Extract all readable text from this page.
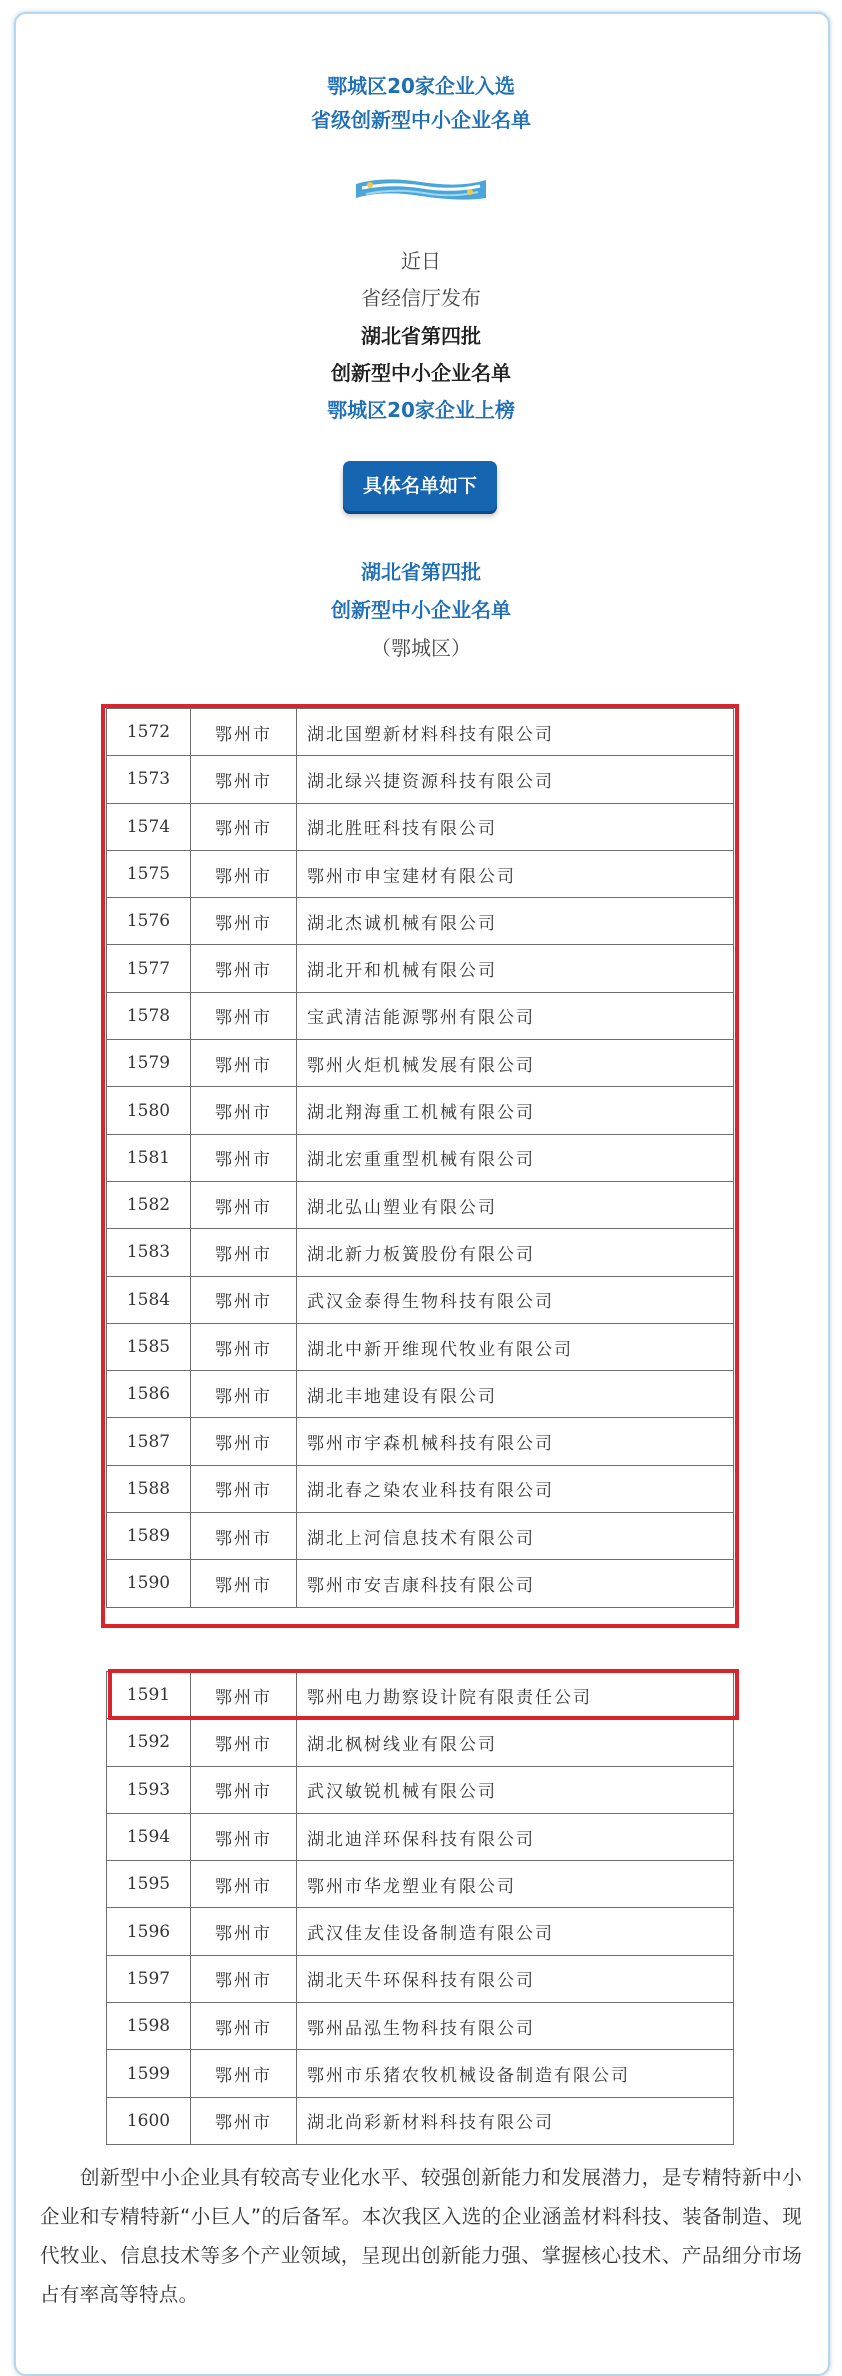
鄂城区20家企业入选
省级创新型中小企业名单
近日
省经信厅发布
湖北省第四批
创新型中小企业名单
鄂城区20家企业上榜
具体名单如下
湖北省第四批
创新型中小企业名单
（鄂城区）
1572	鄂州市	湖北国塑新材料科技有限公司
1573	鄂州市	湖北绿兴捷资源科技有限公司
1574	鄂州市	湖北胜旺科技有限公司
1575	鄂州市	鄂州市申宝建材有限公司
1576	鄂州市	湖北杰诚机械有限公司
1577	鄂州市	湖北开和机械有限公司
1578	鄂州市	宝武清洁能源鄂州有限公司
1579	鄂州市	鄂州火炬机械发展有限公司
1580	鄂州市	湖北翔海重工机械有限公司
1581	鄂州市	湖北宏重重型机械有限公司
1582	鄂州市	湖北弘山塑业有限公司
1583	鄂州市	湖北新力板簧股份有限公司
1584	鄂州市	武汉金泰得生物科技有限公司
1585	鄂州市	湖北中新开维现代牧业有限公司
1586	鄂州市	湖北丰地建设有限公司
1587	鄂州市	鄂州市宇森机械科技有限公司
1588	鄂州市	湖北春之染农业科技有限公司
1589	鄂州市	湖北上河信息技术有限公司
1590	鄂州市	鄂州市安吉康科技有限公司
1591	鄂州市	鄂州电力勘察设计院有限责任公司
1592	鄂州市	湖北枫树线业有限公司
1593	鄂州市	武汉敏锐机械有限公司
1594	鄂州市	湖北迪洋环保科技有限公司
1595	鄂州市	鄂州市华龙塑业有限公司
1596	鄂州市	武汉佳友佳设备制造有限公司
1597	鄂州市	湖北天牛环保科技有限公司
1598	鄂州市	鄂州品泓生物科技有限公司
1599	鄂州市	鄂州市乐猪农牧机械设备制造有限公司
1600	鄂州市	湖北尚彩新材料科技有限公司
创新型中小企业具有较高专业化水平、较强创新能力和发展潜力，是专精特新中小企业和专精特新“小巨人”的后备军。本次我区入选的企业涵盖材料科技、装备制造、现代牧业、信息技术等多个产业领域，呈现出创新能力强、掌握核心技术、产品细分市场占有率高等特点。
